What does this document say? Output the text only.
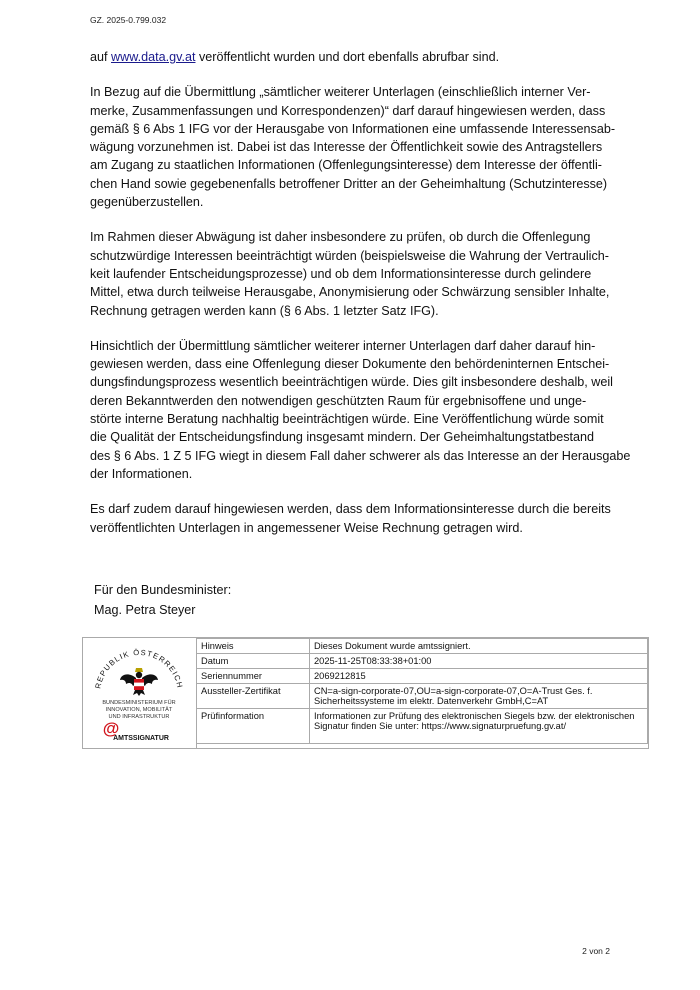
GZ. 2025-0.799.032

auf www.data.gv.at veröffentlicht wurden und dort ebenfalls abrufbar sind.

In Bezug auf die Übermittlung „sämtlicher weiterer Unterlagen (einschließlich interner Ver-
merke, Zusammenfassungen und Korrespondenzen)“ darf darauf hingewiesen werden, dass
gemäß § 6 Abs 1 IFG vor der Herausgabe von Informationen eine umfassende Interessensab-
wägung vorzunehmen ist. Dabei ist das Interesse der Öffentlichkeit sowie des Antragstellers
am Zugang zu staatlichen Informationen (Offenlegungsinteresse) dem Interesse der öffentli-
chen Hand sowie gegebenenfalls betroffener Dritter an der Geheimhaltung (Schutzinteresse)
gegenüberzustellen.

Im Rahmen dieser Abwägung ist daher insbesondere zu prüfen, ob durch die Offenlegung
schutzwürdige Interessen beeinträchtigt würden (beispielsweise die Wahrung der Vertraulich-
keit laufender Entscheidungsprozesse) und ob dem Informationsinteresse durch gelindere
Mittel, etwa durch teilweise Herausgabe, Anonymisierung oder Schwärzung sensibler Inhalte,
Rechnung getragen werden kann (§ 6 Abs. 1 letzter Satz IFG).

Hinsichtlich der Übermittlung sämtlicher weiterer interner Unterlagen darf daher darauf hin-
gewiesen werden, dass eine Offenlegung dieser Dokumente den behördeninternen Entschei-
dungsfindungsprozess wesentlich beeinträchtigen würde. Dies gilt insbesondere deshalb, weil
deren Bekanntwerden den notwendigen geschützten Raum für ergebnisoffene und unge-
störte interne Beratung nachhaltig beeinträchtigen würde. Eine Veröffentlichung würde somit
die Qualität der Entscheidungsfindung insgesamt mindern. Der Geheimhaltungstatbestand
des § 6 Abs. 1 Z 5 IFG wiegt in diesem Fall daher schwerer als das Interesse an der Herausgabe
der Informationen.

Es darf zudem darauf hingewiesen werden, dass dem Informationsinteresse durch die bereits
veröffentlichten Unterlagen in angemessener Weise Rechnung getragen wird.

Für den Bundesminister:
Mag. Petra Steyer
REPUBLIK ÖSTERREICH
BUNDESMINISTERIUM FÜR
INNOVATION, MOBILITÄT
UND INFRASTRUKTUR
@
AMTSSIGNATUR
Hinweis	Dieses Dokument wurde amtssigniert.
Datum	2025-11-25T08:33:38+01:00
Seriennummer	2069212815
Aussteller-Zertifikat	CN=a-sign-corporate-07,OU=a-sign-corporate-07,O=A-Trust Ges. f. Sicherheitssysteme im elektr. Datenverkehr GmbH,C=AT
Prüfinformation	Informationen zur Prüfung des elektronischen Siegels bzw. der elektronischen Signatur finden Sie unter: https://www.signaturpruefung.gv.at/
2 von 2
